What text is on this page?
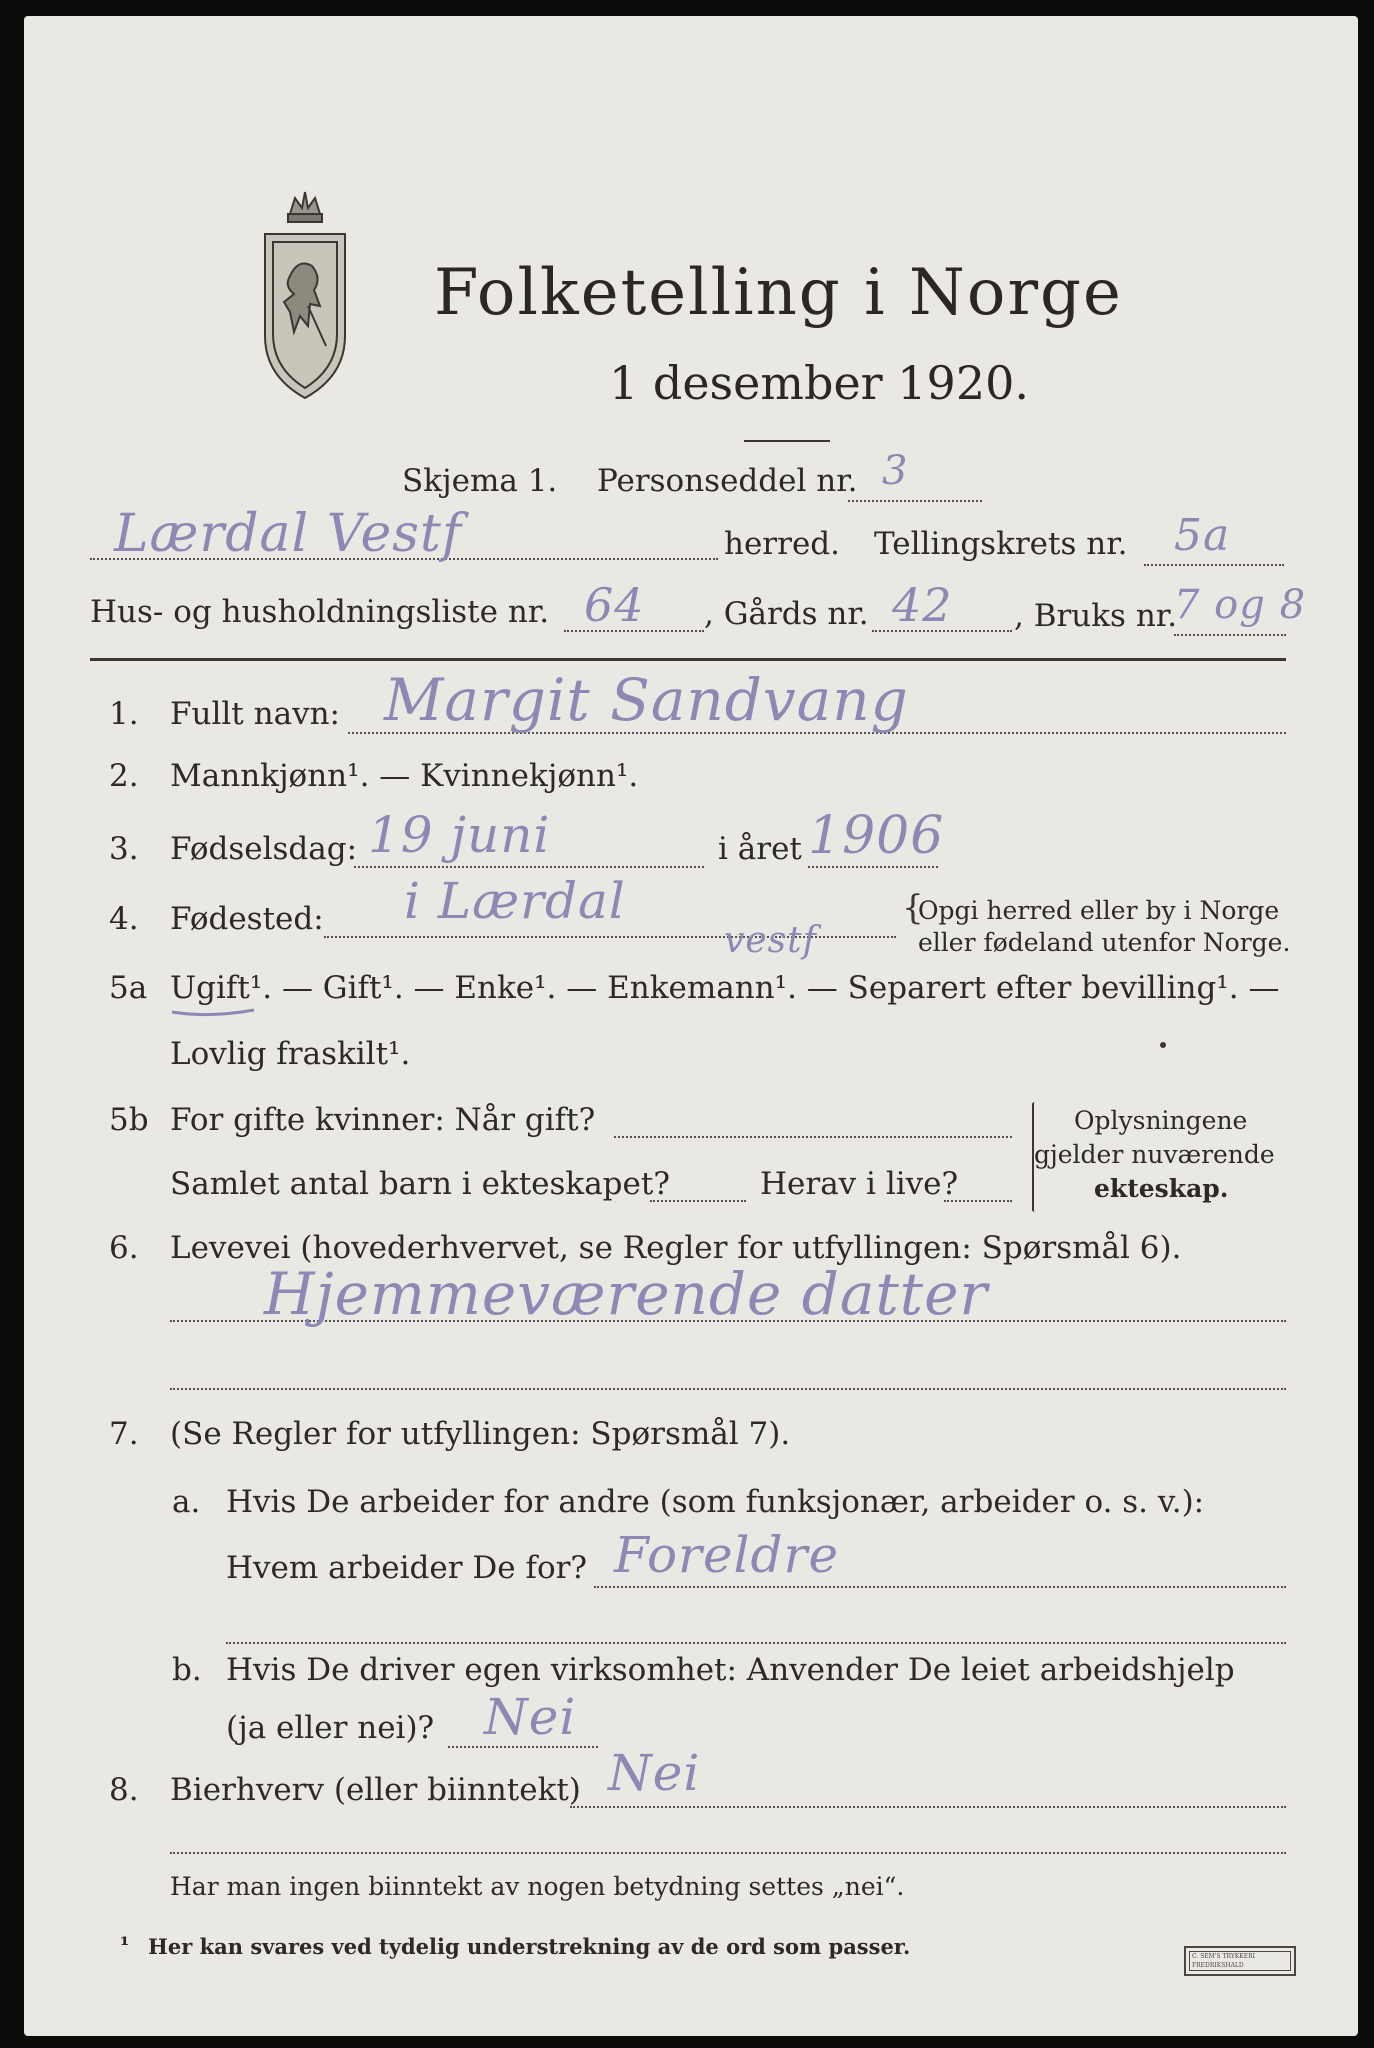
Folketelling i Norge
1 desember 1920.
Skjema 1. Personseddel nr. 3
Lærdal Vestf	herred. Tellingskrets nr. 5a
Hus- og husholdningsliste nr. 64 , Gårds nr. 42 , Bruks nr.
7 og 8
1. Fullt navn: Margit Sandvang
2. Mannkjønn¹. — Kvinnekjønn¹.
3. Fødselsdag: 19 juni	i året 1906
4. Fødested: i Lærdal
vestf
{
Opgi herred eller by i Norge
eller fødeland utenfor Norge.
5a Ugift¹. — Gift¹. — Enke¹. — Enkemann¹. — Separert efter bevilling¹. —
Lovlig fraskilt¹.
5b For gifte kvinner: Når gift?
Samlet antal barn i ekteskapet?	Herav i live?
Oplysningene
gjelder nuværende
ekteskap.
6. Levevei (hovederhvervet, se Regler for utfyllingen: Spørsmål 6).
Hjemmeværende datter
7. (Se Regler for utfyllingen: Spørsmål 7).
a. Hvis De arbeider for andre (som funksjonær, arbeider o. s. v.):
Hvem arbeider De for? Foreldre
b. Hvis De driver egen virksomhet: Anvender De leiet arbeidshjelp
(ja eller nei)? Nei
8. Bierhverv (eller biinntekt) Nei
Har man ingen biinntekt av nogen betydning settes „nei“.
¹ Her kan svares ved tydelig understrekning av de ord som passer.	C. SEM'S TRYKKERI
FREDRIKSHALD
